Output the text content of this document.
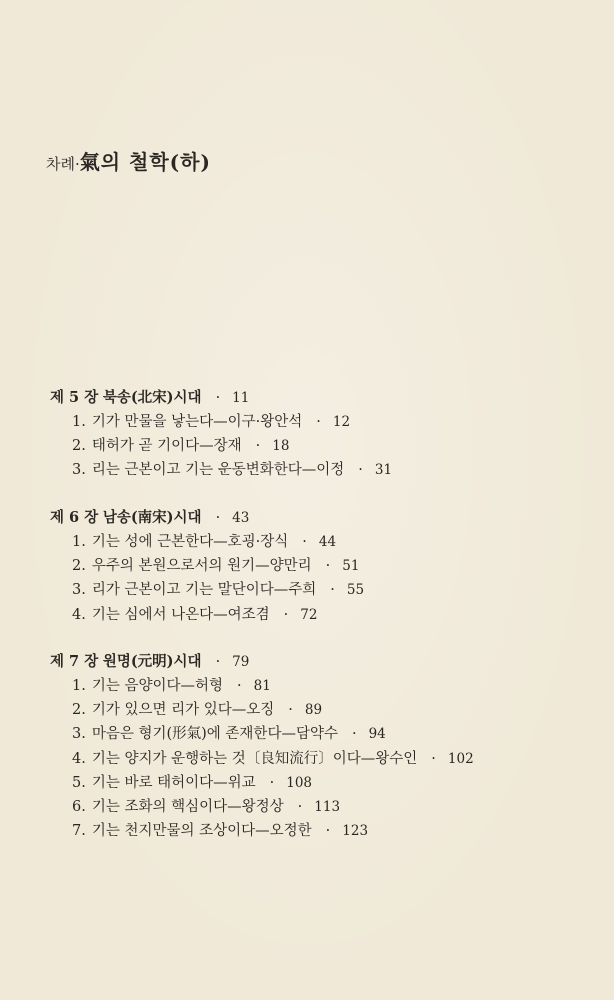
차례· 氣의 철학(하)
제 5 장 북송(北宋)시대 · 11
1. 기가 만물을 낳는다—이구·왕안석 · 12
2. 태허가 곧 기이다—장재 · 18
3. 리는 근본이고 기는 운동변화한다—이정 · 31
제 6 장 남송(南宋)시대 · 43
1. 기는 성에 근본한다—호굉·장식 · 44
2. 우주의 본원으로서의 원기—양만리 · 51
3. 리가 근본이고 기는 말단이다—주희 · 55
4. 기는 심에서 나온다—여조겸 · 72
제 7 장 원명(元明)시대 · 79
1. 기는 음양이다—허형 · 81
2. 기가 있으면 리가 있다—오징 · 89
3. 마음은 형기(形氣)에 존재한다—담약수 · 94
4. 기는 양지가 운행하는 것〔良知流行〕이다—왕수인 · 102
5. 기는 바로 태허이다—위교 · 108
6. 기는 조화의 핵심이다—왕정상 · 113
7. 기는 천지만물의 조상이다—오정한 · 123
